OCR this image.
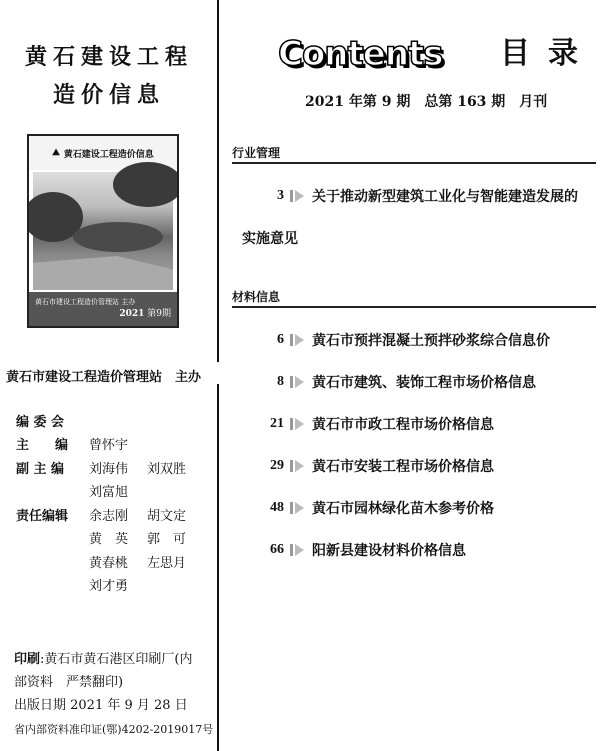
黄石建设工程
造价信息
⛰ 黄石建设工程造价信息
黄石市建设工程造价管理站 主办
2021 第9期
黄石市建设工程造价管理站　主办
编 委 会
主　　编 曾怀宇
副 主 编 刘海伟 刘双胜
刘富旭
责任编辑 余志刚 胡文定
黄　英 郭　可
黄春桃 左思月
刘才勇
印刷:黄石市黄石港区印刷厂(内
部资料　严禁翻印)
出版日期 2021 年 9 月 28 日
省内部资料准印证(鄂)4202-2019017号
Contents 目录
2021 年第 9 期　总第 163 期　月刊
行业管理
3 关于推动新型建筑工业化与智能建造发展的
实施意见
材料信息
6 黄石市预拌混凝土预拌砂浆综合信息价
8 黄石市建筑、装饰工程市场价格信息
21 黄石市市政工程市场价格信息
29 黄石市安装工程市场价格信息
48 黄石市园林绿化苗木参考价格
66 阳新县建设材料价格信息
